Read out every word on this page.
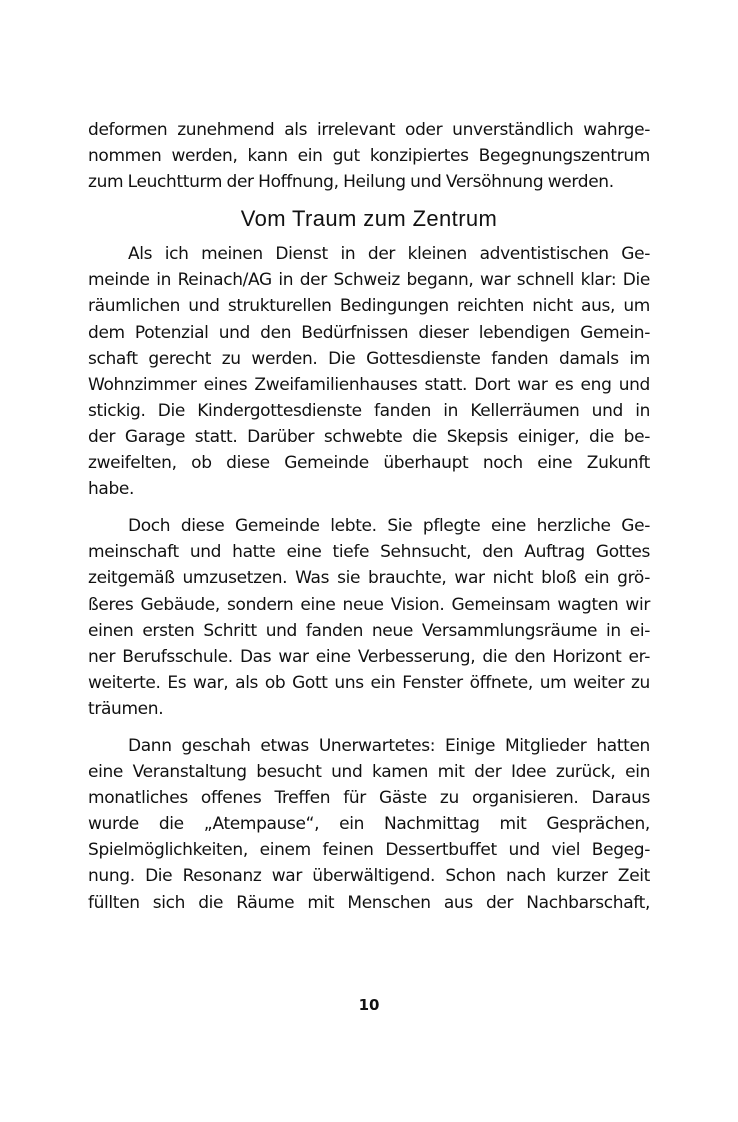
deformen zunehmend als irrelevant oder unverständlich wahrge-
nommen werden, kann ein gut konzipiertes Begegnungszentrum
zum Leuchtturm der Hoffnung, Heilung und Versöhnung werden.
Vom Traum zum Zentrum
Als ich meinen Dienst in der kleinen adventistischen Ge-
meinde in Reinach/AG in der Schweiz begann, war schnell klar: Die
räumlichen und strukturellen Bedingungen reichten nicht aus, um
dem Potenzial und den Bedürfnissen dieser lebendigen Gemein-
schaft gerecht zu werden. Die Gottesdienste fanden damals im
Wohnzimmer eines Zweifamilienhauses statt. Dort war es eng und
stickig. Die Kindergottesdienste fanden in Kellerräumen und in
der Garage statt. Darüber schwebte die Skepsis einiger, die be-
zweifelten, ob diese Gemeinde überhaupt noch eine Zukunft
habe.
Doch diese Gemeinde lebte. Sie pflegte eine herzliche Ge-
meinschaft und hatte eine tiefe Sehnsucht, den Auftrag Gottes
zeitgemäß umzusetzen. Was sie brauchte, war nicht bloß ein grö-
ßeres Gebäude, sondern eine neue Vision. Gemeinsam wagten wir
einen ersten Schritt und fanden neue Versammlungsräume in ei-
ner Berufsschule. Das war eine Verbesserung, die den Horizont er-
weiterte. Es war, als ob Gott uns ein Fenster öffnete, um weiter zu
träumen.
Dann geschah etwas Unerwartetes: Einige Mitglieder hatten
eine Veranstaltung besucht und kamen mit der Idee zurück, ein
monatliches offenes Treffen für Gäste zu organisieren. Daraus
wurde die „Atempause“, ein Nachmittag mit Gesprächen,
Spielmöglichkeiten, einem feinen Dessertbuffet und viel Begeg-
nung. Die Resonanz war überwältigend. Schon nach kurzer Zeit
füllten sich die Räume mit Menschen aus der Nachbarschaft,
10
